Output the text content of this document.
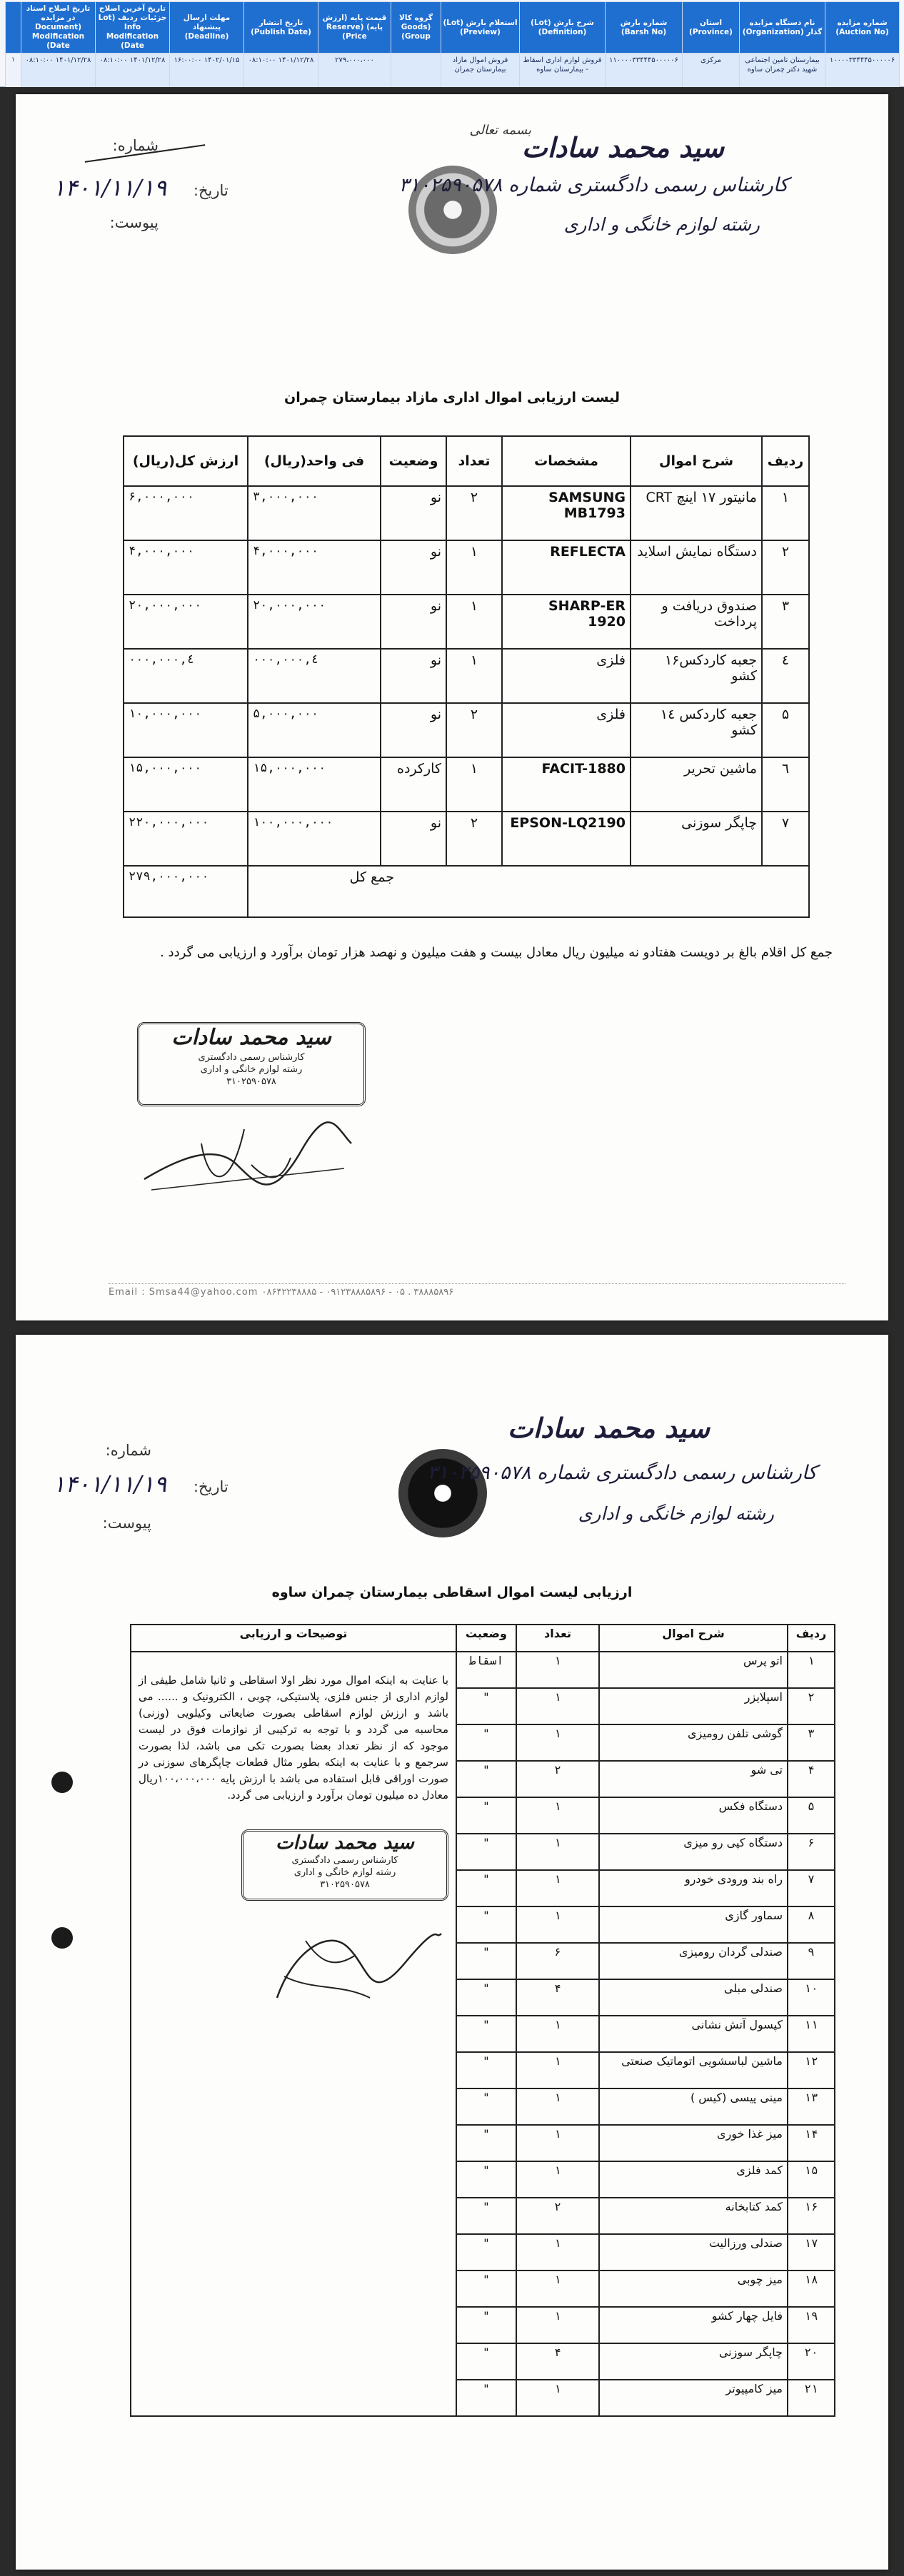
شماره مزایده (Auction No)	نام دستگاه مزایده گذار (Organization)	استان (Province)	شماره بارش (Barsh No)	شرح بارش (Lot) (Definition)	استعلام بارش (Lot) (Preview)	گروه کالا (Goods Group)	قیمت پایه (ارزش پایه) (Reserve Price)	تاریخ انتشار (Publish Date)	مهلت ارسال پیشنهاد (Deadline)	تاریخ آخرین اصلاح جزئیات ردیف (Lot Info Modification Date)	تاریخ اصلاح اسناد در مزایده (Document Modification Date)	
۱۰۰۰۰۳۳۴۴۴۵۰۰۰۰۰۶	بیمارستان تامین اجتماعی شهید دکتر چمران ساوه	مرکزی	۱۱۰۰۰۰۳۳۴۴۴۵۰۰۰۰۰۶	فروش لوازم اداری اسقاط - بیمارستان ساوه	فروش اموال مازاد بیمارستان جمران		۲۷۹،۰۰۰،۰۰۰	۱۴۰۱/۱۲/۲۸ ۰۸:۱۰:۰۰	۱۴۰۲/۰۱/۱۵ ۱۶:۰۰:۰۰	۱۴۰۱/۱۲/۲۸ ۰۸:۱۰:۰۰	۱۴۰۱/۱۲/۲۸ ۰۸:۱۰:۰۰	۱
بسمه تعالی
سید محمد سادات
کارشناس رسمی دادگستری شماره ۳۱۰۲۵۹۰۵۷۸
رشته لوازم خانگی و اداری
شماره:
تاریخ: ۱۴۰۱/۱۱/۱۹
پیوست:
لیست ارزیابی اموال اداری مازاد بیمارستان چمران
ردیف	شرح اموال	مشخصات	تعداد	وضعیت	فی واحد(ریال)	ارزش کل(ریال)
۱	مانیتور ۱۷ اینچ CRT	SAMSUNG MB1793	۲	نو	۳,۰۰۰,۰۰۰	۶,۰۰۰,۰۰۰
۲	دستگاه نمایش اسلاید	REFLECTA	۱	نو	۴,۰۰۰,۰۰۰	۴,۰۰۰,۰۰۰
۳	صندوق دریافت و پرداخت	SHARP-ER 1920	۱	نو	۲۰,۰۰۰,۰۰۰	۲۰,۰۰۰,۰۰۰
٤	جعبه کاردکس۱۶ کشو	فلزی	۱	نو	٤,۰۰۰,۰۰۰	٤,۰۰۰,۰۰۰
۵	جعبه کاردکس ۱٤ کشو	فلزی	۲	نو	۵,۰۰۰,۰۰۰	۱۰,۰۰۰,۰۰۰
٦	ماشین تحریر	FACIT-1880	۱	کارکرده	۱۵,۰۰۰,۰۰۰	۱۵,۰۰۰,۰۰۰
۷	چاپگر سوزنی	EPSON-LQ2190	۲	نو	۱۰۰,۰۰۰,۰۰۰	۲۲۰,۰۰۰,۰۰۰
جمع کل						۲۷۹,۰۰۰,۰۰۰
جمع کل اقلام بالغ بر دویست هفتادو نه میلیون ریال معادل بیست و هفت میلیون و نهصد هزار تومان برآورد و ارزیابی می گردد .
سید محمد سادات
کارشناس رسمی دادگستری
رشته لوازم خانگی و اداری
۳۱۰۲۵۹۰۵۷۸
Email : Smsa44@yahoo.com ۰۸۶۴۲۲۳۸۸۸۵ - ۰۹۱۲۳۸۸۸۵۸۹۶ - ۰۵ . ۳۸۸۸۵۸۹۶
سید محمد سادات
کارشناس رسمی دادگستری شماره ۳۱۰۲۵۹۰۵۷۸
رشته لوازم خانگی و اداری
شماره:
تاریخ: ۱۴۰۱/۱۱/۱۹
پیوست:
ارزیابی لیست اموال اسقاطی بیمارستان چمران ساوه
ردیف	شرح اموال	تعداد	وضعیت	توضیحات و ارزیابی
۱	اتو پرس	۱	اسقاط	با عنایت به اینکه اموال مورد نظر اولا اسقاطی و ثانیا شامل طیفی از لوازم اداری از جنس فلزی، پلاستیکی، چوبی ، الکترونیک و ...... می باشد و ارزش لوازم اسقاطی بصورت ضایعاتی وکیلویی (وزنی) محاسبه می گردد و با توجه به ترکیبی از نوازمات فوق در لیست موجود که از نظر تعداد بعضا بصورت تکی می باشد، لذا بصورت سرجمع و با عنایت به اینکه بطور مثال قطعات چاپگرهای سوزنی در صورت اوراقی قابل استفاده می باشد با ارزش پایه ۱۰۰،۰۰۰،۰۰۰ریال معادل ده میلیون تومان برآورد و ارزیابی می گردد.
سید محمد سادات
کارشناس رسمی دادگستری
رشته لوازم خانگی و اداری
۳۱۰۲۵۹۰۵۷۸

۲	اسپلایزر	۱	"	
۳	گوشی تلفن رومیزی	۱	"	
۴	تی شو	۲	"	
۵	دستگاه فکس	۱	"	
۶	دستگاه کپی رو میزی	۱	"	
۷	راه بند ورودی خودرو	۱	"	
۸	سماور گازی	۱	"	
۹	صندلی گردان رومیزی	۶	"	
۱۰	صندلی مبلی	۴	"	
۱۱	کپسول آتش نشانی	۱	"	
۱۲	ماشین لباسشویی اتوماتیک صنعتی	۱	"	
۱۳	مینی پیسی (کیس )	۱	"	
۱۴	میز غذا خوری	۱	"	
۱۵	کمد فلزی	۱	"	
۱۶	کمد کتابخانه	۲	"	
۱۷	صندلی ورزالیت	۱	"	
۱۸	میز چوبی	۱	"	
۱۹	فایل چهار کشو	۱	"	
۲۰	چاپگر سوزنی	۴	"	
۲۱	میز کامپیوتر	۱	"	
